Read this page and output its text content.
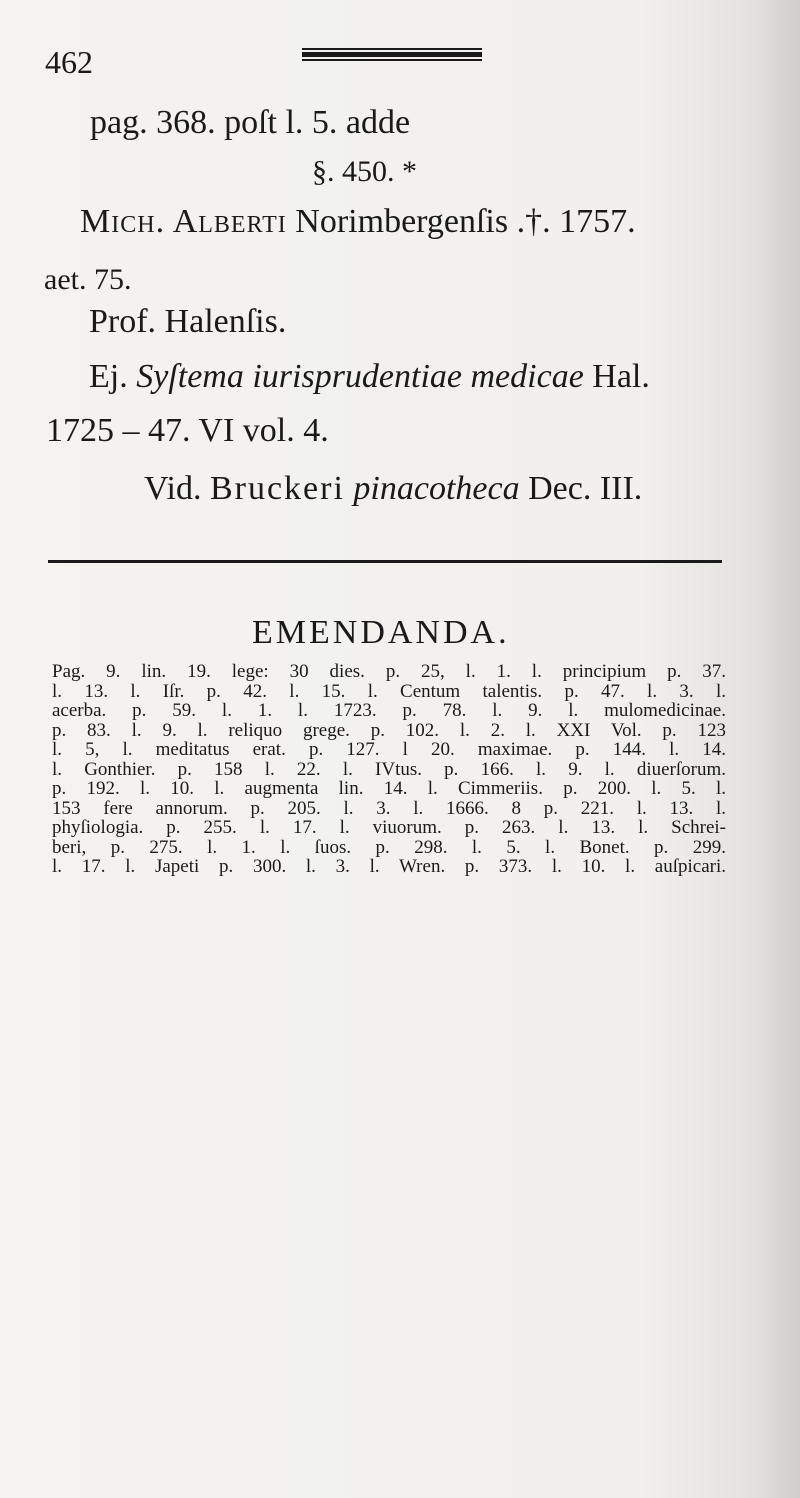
462
pag. 368. poſt l. 5. adde
§. 450. *
Mich. Alberti Norimbergenſis .†. 1757.
aet. 75.
Prof. Halenſis.
Ej. Syſtema iurisprudentiae medicae Hal.
1725 – 47. VI vol. 4.
Vid. Bruckeri pinacotheca Dec. III.
EMENDANDA.
Pag. 9. lin. 19. lege: 30 dies. p. 25, l. 1. l. principium p. 37.
l. 13. l. Iſr. p. 42. l. 15. l. Centum talentis. p. 47. l. 3. l.
acerba. p. 59. l. 1. l. 1723. p. 78. l. 9. l. mulomedicinae.
p. 83. l. 9. l. reliquo grege. p. 102. l. 2. l. XXI Vol. p. 123
l. 5, l. meditatus erat. p. 127. l 20. maximae. p. 144. l. 14.
l. Gonthier. p. 158 l. 22. l. IVtus. p. 166. l. 9. l. diuerſorum.
p. 192. l. 10. l. augmenta lin. 14. l. Cimmeriis. p. 200. l. 5. l.
153 fere annorum. p. 205. l. 3. l. 1666. 8 p. 221. l. 13. l.
phyſiologia. p. 255. l. 17. l. viuorum. p. 263. l. 13. l. Schrei-
beri, p. 275. l. 1. l. ſuos. p. 298. l. 5. l. Bonet. p. 299.
l. 17. l. Japeti p. 300. l. 3. l. Wren. p. 373. l. 10. l. auſpicari.
